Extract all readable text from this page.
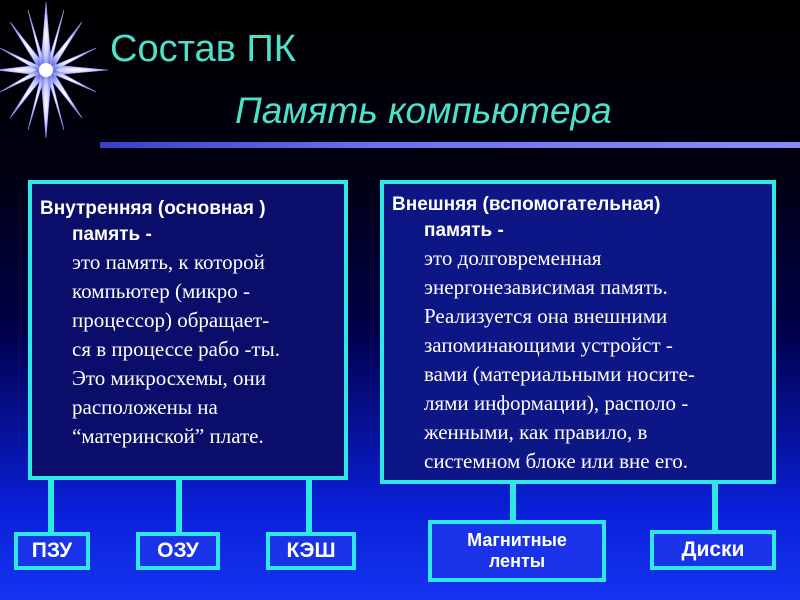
Состав ПК
Память компьютера
Внутренняя (основная )
память -
это память, к которой
компьютер (микро -
процессор) обращает-
ся в процессе рабо -ты.
Это микросхемы, они
расположены на
“материнской” плате.
Внешняя (вспомогательная)
память -
это долговременная
энергонезависимая память.
Реализуется она внешними
запоминающими устройст -
вами (материальными носите-
лями информации), располо -
женными, как правило, в
системном блоке или вне его.
ПЗУ	ОЗУ	КЭШ	Магнитные
ленты	Диски
